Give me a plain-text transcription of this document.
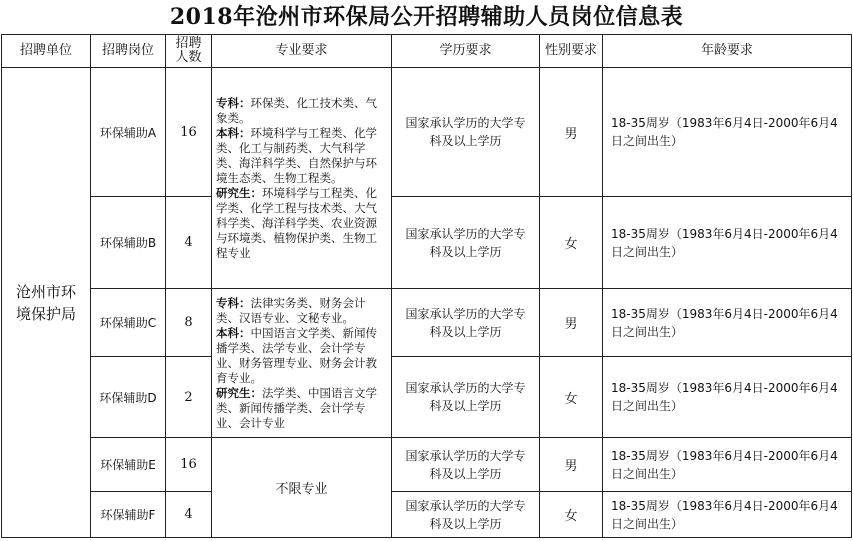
2018年沧州市环保局公开招聘辅助人员岗位信息表
招聘单位	招聘岗位	招聘人数	专业要求	学历要求	性别要求	年龄要求

沧州市环境保护局	环保辅助A	16	专科：环保类、化工技术类、气象类。
本科：环境科学与工程类、化学类、化工与制药类、大气科学类、海洋科学类、自然保护与环境生态类、生物工程类。
研究生：环境科学与工程类、化学类、化学工程与技术类、大气科学类、海洋科学类、农业资源与环境类、植物保护类、生物工程专业	国家承认学历的大学专科及以上学历	男	18-35周岁（1983年6月4日-2000年6月4日之间出生）
	环保辅助B	4		国家承认学历的大学专科及以上学历	女	18-35周岁（1983年6月4日-2000年6月4日之间出生）
	环保辅助C	8	专科：法律实务类、财务会计类、汉语专业、文秘专业。
本科：中国语言文学类、新闻传播学类、法学专业、会计学专业、财务管理专业、财务会计教育专业。
研究生：法学类、中国语言文学类、新闻传播学类、会计学专业、会计专业	国家承认学历的大学专科及以上学历	男	18-35周岁（1983年6月4日-2000年6月4日之间出生）
	环保辅助D	2		国家承认学历的大学专科及以上学历	女	18-35周岁（1983年6月4日-2000年6月4日之间出生）
	环保辅助E	16	不限专业	国家承认学历的大学专科及以上学历	男	18-35周岁（1983年6月4日-2000年6月4日之间出生）
	环保辅助F	4		国家承认学历的大学专科及以上学历	女	18-35周岁（1983年6月4日-2000年6月4日之间出生）
